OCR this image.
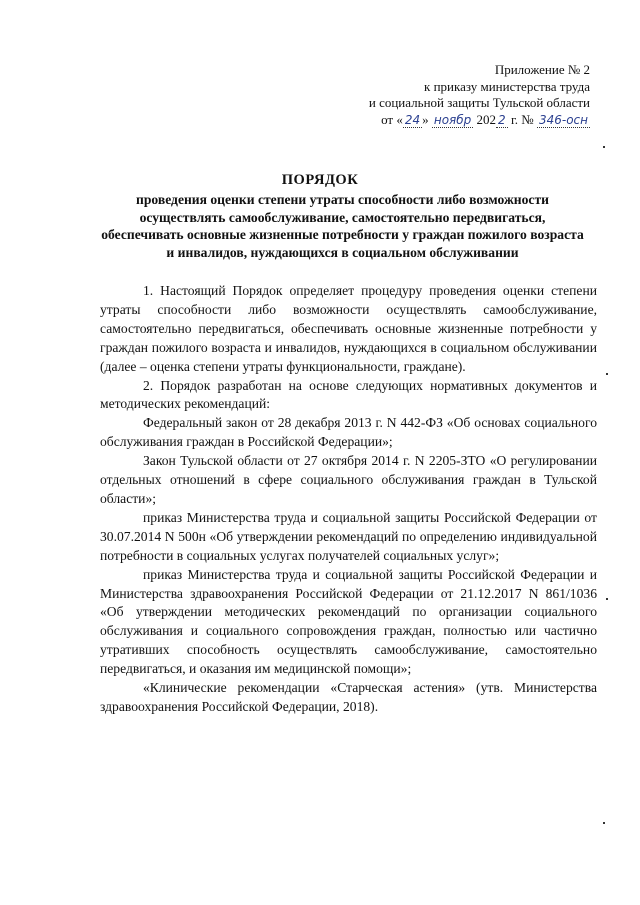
Приложение № 2
к приказу министерства труда
и социальной защиты Тульской области
от « 24 » ноябр 202 2 г. № 346-осн
ПОРЯДОК
проведения оценки степени утраты способности либо возможности осуществлять самообслуживание, самостоятельно передвигаться, обеспечивать основные жизненные потребности у граждан пожилого возраста и инвалидов, нуждающихся в социальном обслуживании

1. Настоящий Порядок определяет процедуру проведения оценки степени утраты способности либо возможности осуществлять самообслуживание, самостоятельно передвигаться, обеспечивать основные жизненные потребности у граждан пожилого возраста и инвалидов, нуждающихся в социальном обслуживании (далее – оценка степени утраты функциональности, граждане).

2. Порядок разработан на основе следующих нормативных документов и методических рекомендаций:

Федеральный закон от 28 декабря 2013 г. N 442-ФЗ «Об основах социального обслуживания граждан в Российской Федерации»;

Закон Тульской области от 27 октября 2014 г. N 2205-ЗТО «О регулировании отдельных отношений в сфере социального обслуживания граждан в Тульской области»;

приказ Министерства труда и социальной защиты Российской Федерации от 30.07.2014 N 500н «Об утверждении рекомендаций по определению индивидуальной потребности в социальных услугах получателей социальных услуг»;

приказ Министерства труда и социальной защиты Российской Федерации и Министерства здравоохранения Российской Федерации от 21.12.2017 N 861/1036 «Об утверждении методических рекомендаций по организации социального обслуживания и социального сопровождения граждан, полностью или частично утративших способность осуществлять самообслуживание, самостоятельно передвигаться, и оказания им медицинской помощи»;

«Клинические рекомендации «Старческая астения» (утв. Министерства здравоохранения Российской Федерации, 2018).
